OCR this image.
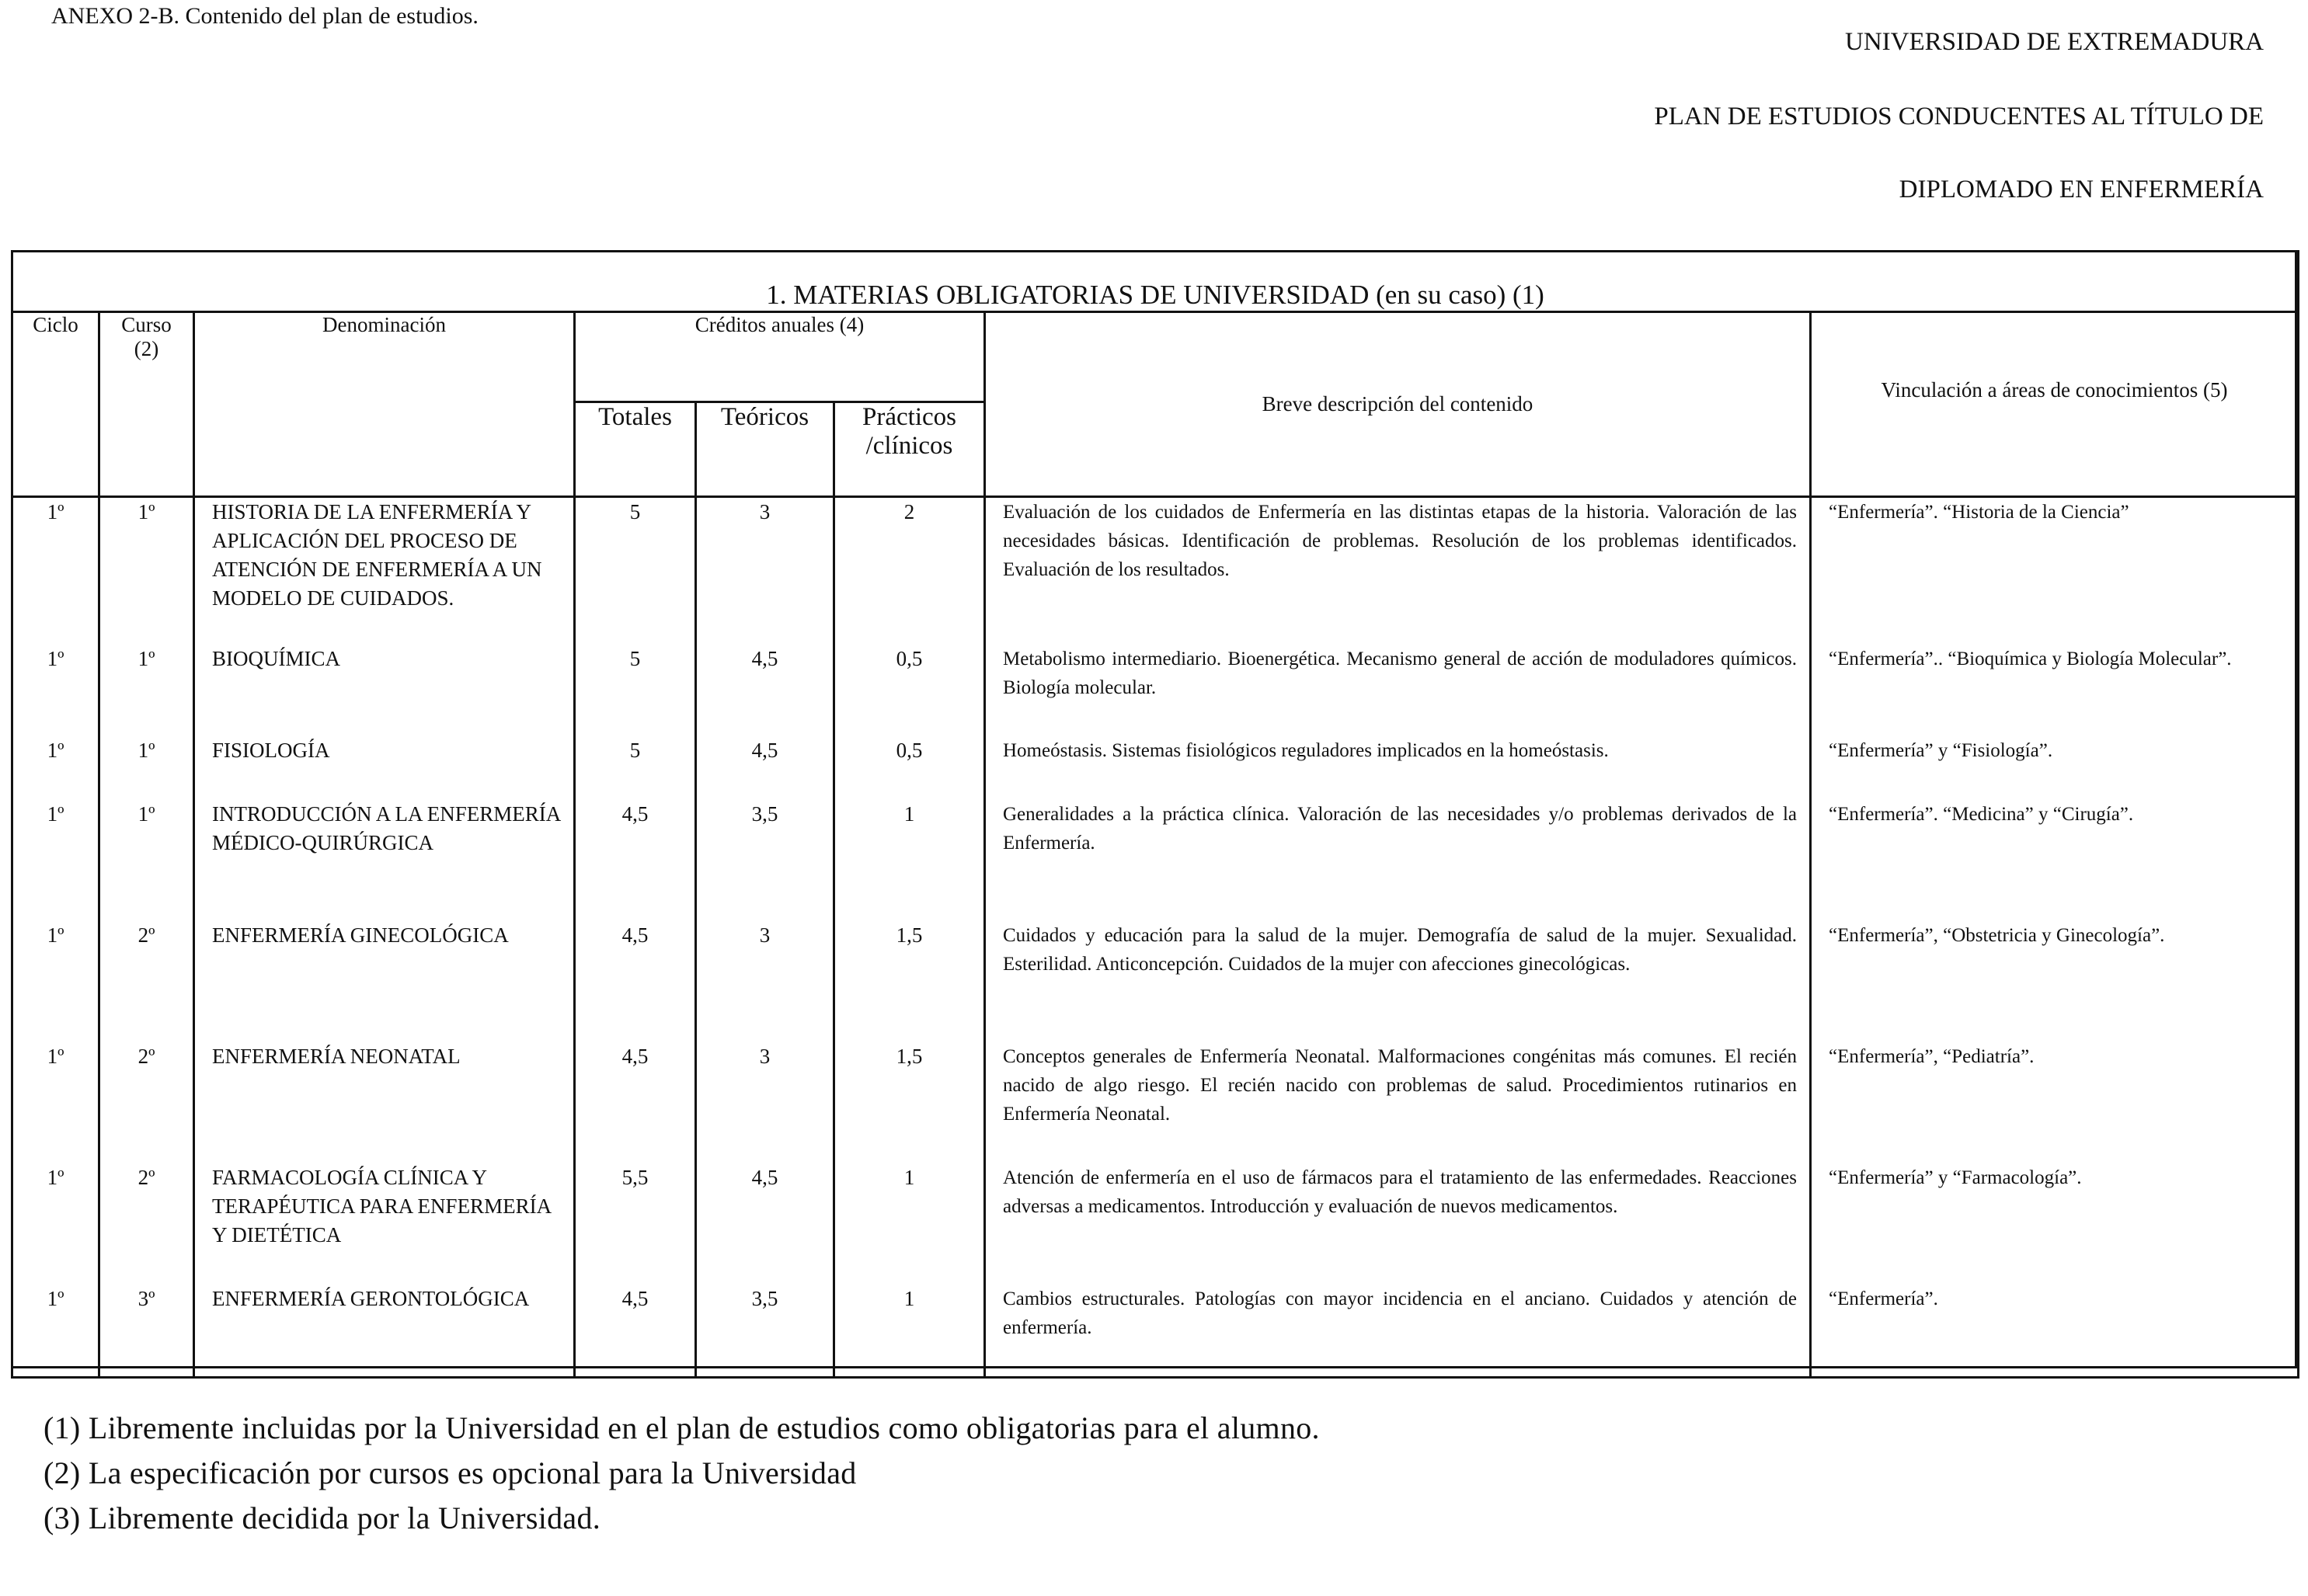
ANEXO 2-B. Contenido del plan de estudios.
UNIVERSIDAD DE EXTREMADURA
PLAN DE ESTUDIOS CONDUCENTES AL TÍTULO DE
DIPLOMADO EN ENFERMERÍA
1. MATERIAS OBLIGATORIAS DE UNIVERSIDAD (en su caso) (1)							
Ciclo	Curso (2)	Denominación	Créditos anuales (4)			Breve descripción del contenido	Vinculación a áreas de conocimientos (5)
			Totales	Teóricos	Prácticos /clínicos		
1º	1º	HISTORIA DE LA ENFERMERÍA Y APLICACIÓN DEL PROCESO DE ATENCIÓN DE ENFERMERÍA A UN MODELO DE CUIDADOS.	5	3	2	Evaluación de los cuidados de Enfermería en las distintas etapas de la historia. Valoración de las necesidades básicas. Identificación de problemas. Resolución de los problemas identificados. Evaluación de los resultados.	“Enfermería”. “Historia de la Ciencia”
1º	1º	BIOQUÍMICA	5	4,5	0,5	Metabolismo intermediario. Bioenergética. Mecanismo general de acción de moduladores químicos. Biología molecular.	“Enfermería”.. “Bioquímica y Biología Molecular”.
1º	1º	FISIOLOGÍA	5	4,5	0,5	Homeóstasis. Sistemas fisiológicos reguladores implicados en la homeóstasis.	“Enfermería” y “Fisiología”.
1º	1º	INTRODUCCIÓN A LA ENFERMERÍA MÉDICO-QUIRÚRGICA	4,5	3,5	1	Generalidades a la práctica clínica. Valoración de las necesidades y/o problemas derivados de la Enfermería.	“Enfermería”. “Medicina” y “Cirugía”.
1º	2º	ENFERMERÍA GINECOLÓGICA	4,5	3	1,5	Cuidados y educación para la salud de la mujer. Demografía de salud de la mujer. Sexualidad. Esterilidad. Anticoncepción. Cuidados de la mujer con afecciones ginecológicas.	“Enfermería”, “Obstetricia y Ginecología”.
1º	2º	ENFERMERÍA NEONATAL	4,5	3	1,5	Conceptos generales de Enfermería Neonatal. Malformaciones congénitas más comunes. El recién nacido de algo riesgo. El recién nacido con problemas de salud. Procedimientos rutinarios en Enfermería Neonatal.	“Enfermería”, “Pediatría”.
1º	2º	FARMACOLOGÍA CLÍNICA Y TERAPÉUTICA PARA ENFERMERÍA Y DIETÉTICA	5,5	4,5	1	Atención de enfermería en el uso de fármacos para el tratamiento de las enfermedades. Reacciones adversas a medicamentos. Introducción y evaluación de nuevos medicamentos.	“Enfermería” y “Farmacología”.
1º	3º	ENFERMERÍA GERONTOLÓGICA	4,5	3,5	1	Cambios estructurales. Patologías con mayor incidencia en el anciano. Cuidados y atención de enfermería.	“Enfermería”.
(1) Libremente incluidas por la Universidad en el plan de estudios como obligatorias para el alumno.
(2) La especificación por cursos es opcional para la Universidad
(3) Libremente decidida por la Universidad.
